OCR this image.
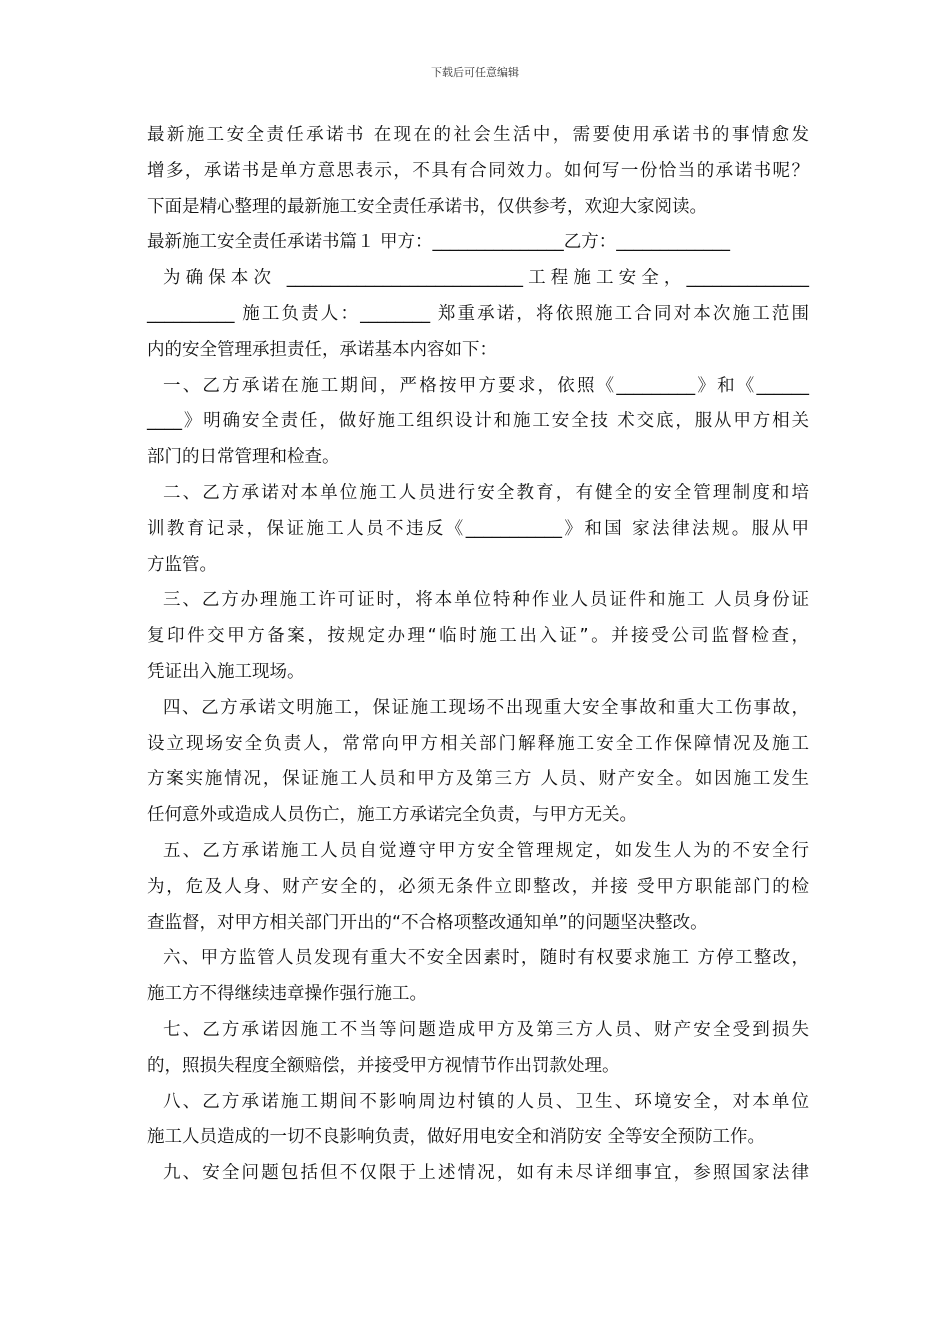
下载后可任意编辑
最新施工安全责任承诺书 在现在的社会生活中，需要使用承诺书的事情愈发
增多，承诺书是单方意思表示，不具有合同效力。如何写一份恰当的承诺书呢？
下面是精心整理的最新施工安全责任承诺书，仅供参考，欢迎大家阅读。
最新施工安全责任承诺书篇１ 甲方：_______________乙方：_____________
为确保本次 ___________________________工程施工安全，______________
__________ 施工负责人：________ 郑重承诺，将依照施工合同对本次施工范围
内的安全管理承担责任，承诺基本内容如下：
一、乙方承诺在施工期间，严格按甲方要求，依照《_________》和《______
____》明确安全责任，做好施工组织设计和施工安全技 术交底，服从甲方相关
部门的日常管理和检查。
二、乙方承诺对本单位施工人员进行安全教育，有健全的安全管理制度和培
训教育记录，保证施工人员不违反《___________》和国 家法律法规。服从甲
方监管。
三、乙方办理施工许可证时，将本单位特种作业人员证件和施工 人员身份证
复印件交甲方备案，按规定办理“临时施工出入证”。并接受公司监督检查，
凭证出入施工现场。
四、乙方承诺文明施工，保证施工现场不出现重大安全事故和重大工伤事故，
设立现场安全负责人，常常向甲方相关部门解释施工安全工作保障情况及施工
方案实施情况，保证施工人员和甲方及第三方 人员、财产安全。如因施工发生
任何意外或造成人员伤亡，施工方承诺完全负责，与甲方无关。
五、乙方承诺施工人员自觉遵守甲方安全管理规定，如发生人为的不安全行
为，危及人身、财产安全的，必须无条件立即整改，并接 受甲方职能部门的检
查监督，对甲方相关部门开出的“不合格项整改通知单”的问题坚决整改。
六、甲方监管人员发现有重大不安全因素时，随时有权要求施工 方停工整改，
施工方不得继续违章操作强行施工。
七、乙方承诺因施工不当等问题造成甲方及第三方人员、财产安全受到损失
的，照损失程度全额赔偿，并接受甲方视情节作出罚款处理。
八、乙方承诺施工期间不影响周边村镇的人员、卫生、环境安全，对本单位
施工人员造成的一切不良影响负责，做好用电安全和消防安 全等安全预防工作。
九、安全问题包括但不仅限于上述情况，如有未尽详细事宜，参照国家法律
